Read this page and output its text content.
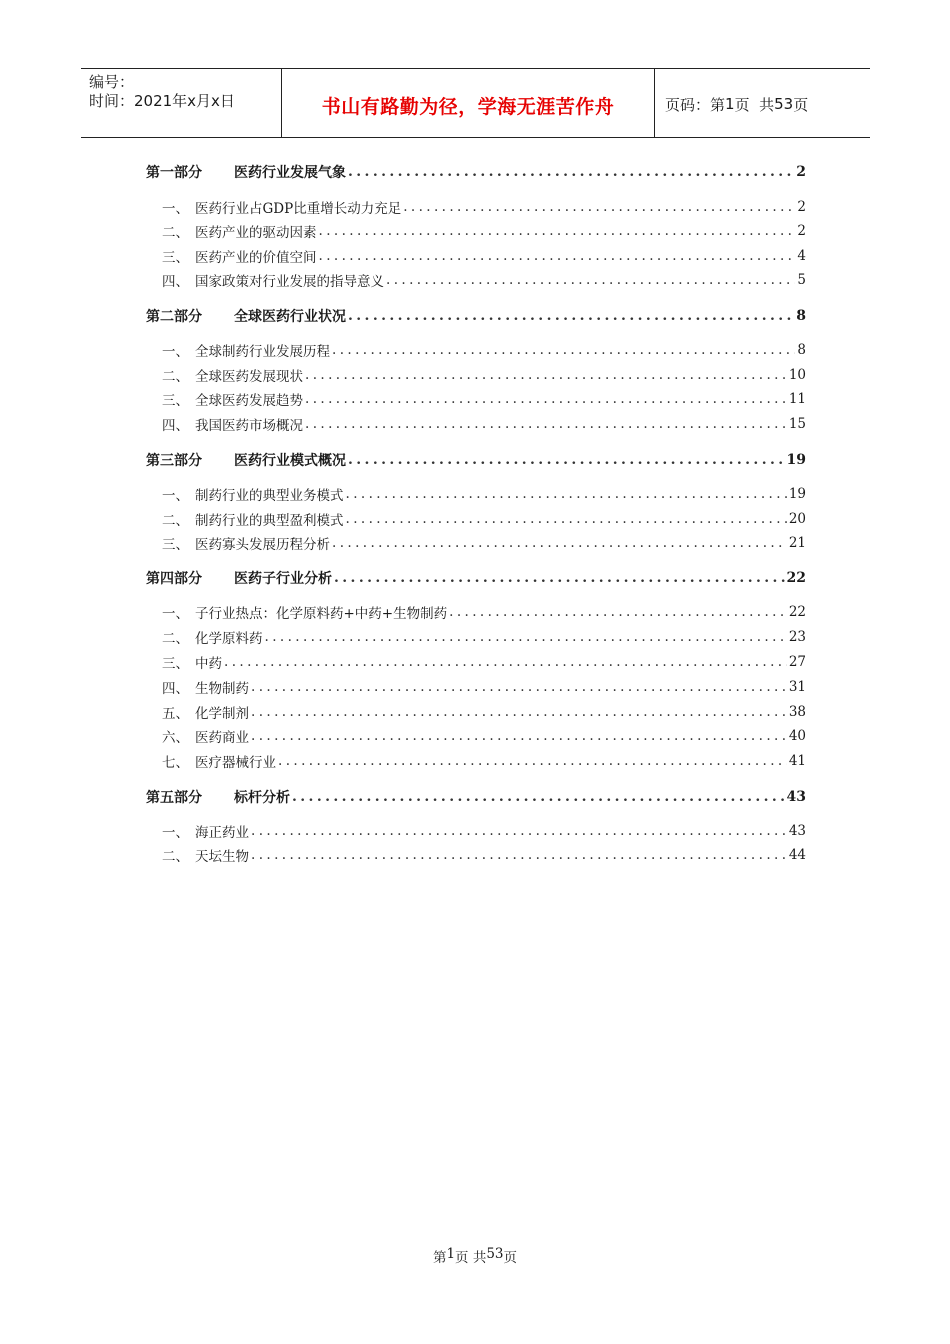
编号：
时间：2021年x月x日	书山有路勤为径，学海无涯苦作舟	页码：第 1 页  共 53 页
第一部分 医药行业发展气象 .....	2
一、 医药行业占GDP比重增长动力充足 .....	2
二、 医药产业的驱动因素 .....	2
三、 医药产业的价值空间 .....	4
四、 国家政策对行业发展的指导意义 .....	5
第二部分 全球医药行业状况 .....	8
一、 全球制药行业发展历程 .....	8
二、 全球医药发展现状 .....	10
三、 全球医药发展趋势 .....	11
四、 我国医药市场概况 .....	15
第三部分 医药行业模式概况 .....	19
一、 制药行业的典型业务模式 .....	19
二、 制药行业的典型盈利模式 .....	20
三、 医药寡头发展历程分析 .....	21
第四部分 医药子行业分析 .....	22
一、 子行业热点：化学原料药+中药+生物制药 .....	22
二、 化学原料药 .....	23
三、 中药 .....	27
四、 生物制药 .....	31
五、 化学制剂 .....	38
六、 医药商业 .....	40
七、 医疗器械行业 .....	41
第五部分 标杆分析 .....	43
一、 海正药业 .....	43
二、 天坛生物 .....	44
第 1 页 共 53 页
